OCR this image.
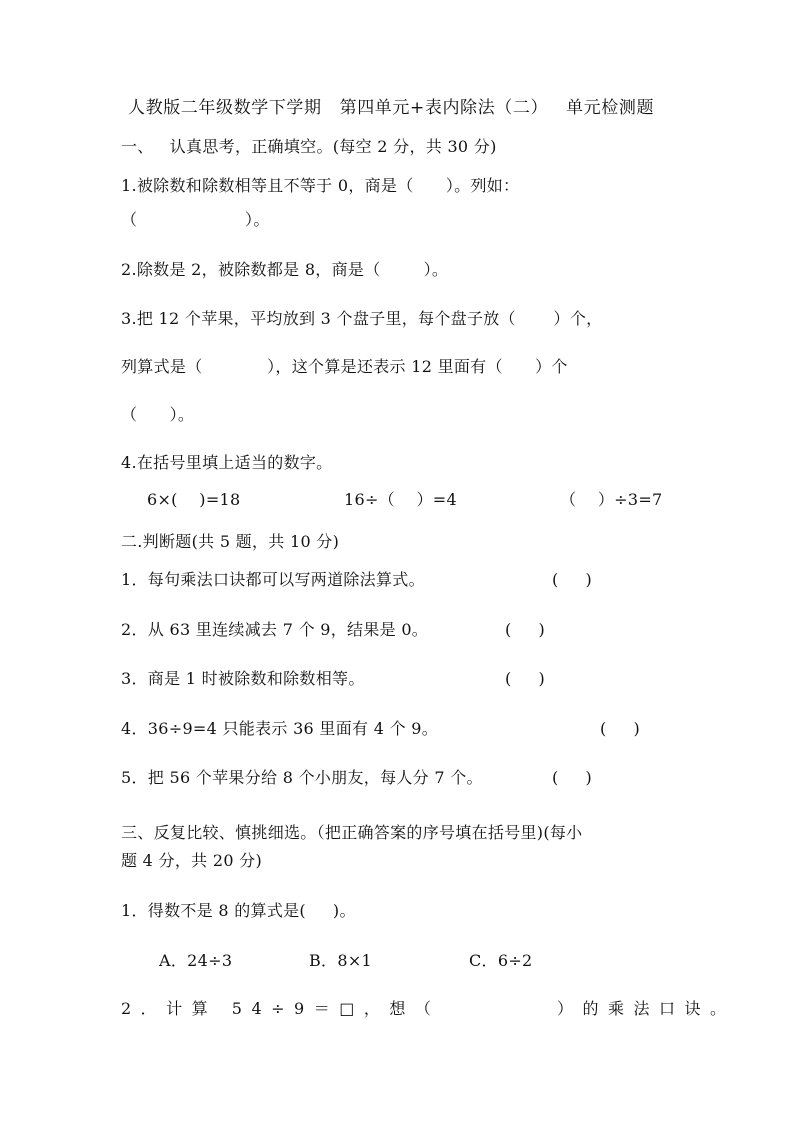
人教版二年级数学下学期   第四单元+表内除法（二）   单元检测题
一、   认真思考，正确填空。(每空 2 分，共 30 分)
1.被除数和除数相等且不等于 0，商是（      ）。列如：
（                    ）。
2.除数是 2，被除数都是 8，商是（        ）。
3.把 12 个苹果，平均放到 3 个盘子里，每个盘子放（       ）个，
列算式是（            ），这个算是还表示 12 里面有（      ）个
（      ）。
4.在括号里填上适当的数字。
6×(    )=18	16÷（    ）=4	（    ）÷3=7
二.判断题(共 5 题，共 10 分)
1．每句乘法口诀都可以写两道除法算式。	(     )
2．从 63 里连续减去 7 个 9，结果是 0。	(     )
3．商是 1 时被除数和除数相等。	(     )
4．36÷9=4 只能表示 36 里面有 4 个 9。	(     )
5．把 56 个苹果分给 8 个小朋友，每人分 7 个。	(     )
三、反复比较、慎挑细选。（把正确答案的序号填在括号里)(每小
题 4 分，共 20 分)
1．得数不是 8 的算式是(     )。
A．24÷3	B．8×1	C．6÷2
2．计算 54÷9＝□，想（        ）的乘法口诀。
